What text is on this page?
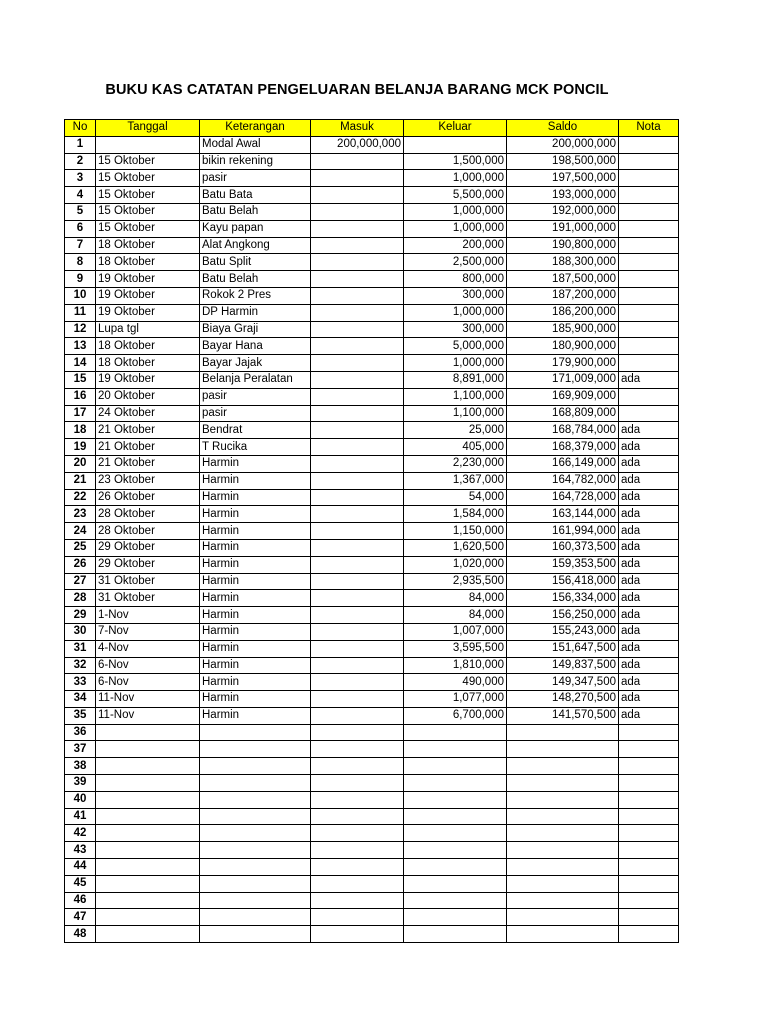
BUKU KAS CATATAN PENGELUARAN BELANJA BARANG MCK PONCIL
No	Tanggal	Keterangan	Masuk	Keluar	Saldo	Nota
1		Modal Awal	200,000,000		200,000,000	
2	15 Oktober	bikin rekening		1,500,000	198,500,000	
3	15 Oktober	pasir		1,000,000	197,500,000	
4	15 Oktober	Batu Bata		5,500,000	193,000,000	
5	15 Oktober	Batu Belah		1,000,000	192,000,000	
6	15 Oktober	Kayu papan		1,000,000	191,000,000	
7	18 Oktober	Alat Angkong		200,000	190,800,000	
8	18 Oktober	Batu Split		2,500,000	188,300,000	
9	19 Oktober	Batu Belah		800,000	187,500,000	
10	19 Oktober	Rokok 2 Pres		300,000	187,200,000	
11	19 Oktober	DP Harmin		1,000,000	186,200,000	
12	Lupa tgl	Biaya Graji		300,000	185,900,000	
13	18 Oktober	Bayar Hana		5,000,000	180,900,000	
14	18 Oktober	Bayar Jajak		1,000,000	179,900,000	
15	19 Oktober	Belanja Peralatan		8,891,000	171,009,000	ada
16	20 Oktober	pasir		1,100,000	169,909,000	
17	24 Oktober	pasir		1,100,000	168,809,000	
18	21 Oktober	Bendrat		25,000	168,784,000	ada
19	21 Oktober	T Rucika		405,000	168,379,000	ada
20	21 Oktober	Harmin		2,230,000	166,149,000	ada
21	23 Oktober	Harmin		1,367,000	164,782,000	ada
22	26 Oktober	Harmin		54,000	164,728,000	ada
23	28 Oktober	Harmin		1,584,000	163,144,000	ada
24	28 Oktober	Harmin		1,150,000	161,994,000	ada
25	29 Oktober	Harmin		1,620,500	160,373,500	ada
26	29 Oktober	Harmin		1,020,000	159,353,500	ada
27	31 Oktober	Harmin		2,935,500	156,418,000	ada
28	31 Oktober	Harmin		84,000	156,334,000	ada
29	1-Nov	Harmin		84,000	156,250,000	ada
30	7-Nov	Harmin		1,007,000	155,243,000	ada
31	4-Nov	Harmin		3,595,500	151,647,500	ada
32	6-Nov	Harmin		1,810,000	149,837,500	ada
33	6-Nov	Harmin		490,000	149,347,500	ada
34	11-Nov	Harmin		1,077,000	148,270,500	ada
35	11-Nov	Harmin		6,700,000	141,570,500	ada
36						
37						
38						
39						
40						
41						
42						
43						
44						
45						
46						
47						
48						
